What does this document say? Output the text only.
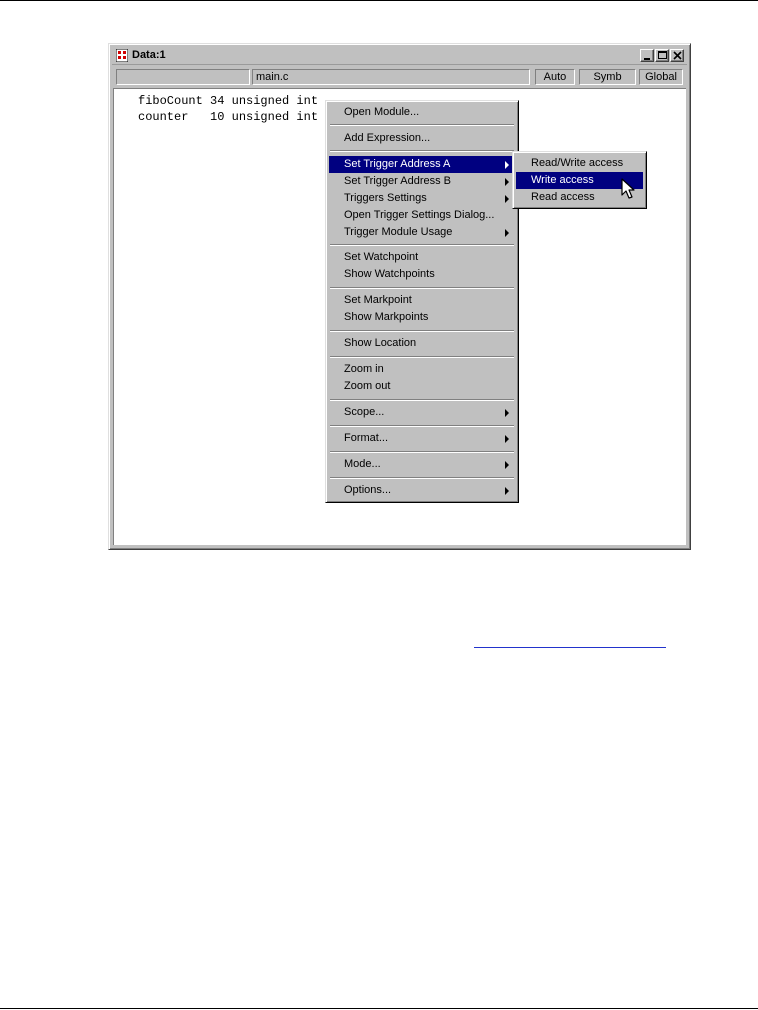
Data:1
main.c	Auto	Symb	Global
fiboCount 34 unsigned int
counter   10 unsigned int	Open Module...
Add Expression...
Set Trigger Address A
Set Trigger Address B
Triggers Settings
Open Trigger Settings Dialog...
Trigger Module Usage
Set Watchpoint
Show Watchpoints
Set Markpoint
Show Markpoints
Show Location
Zoom in
Zoom out
Scope...
Format...
Mode...
Options...
Read/Write access
Write access
Read access
